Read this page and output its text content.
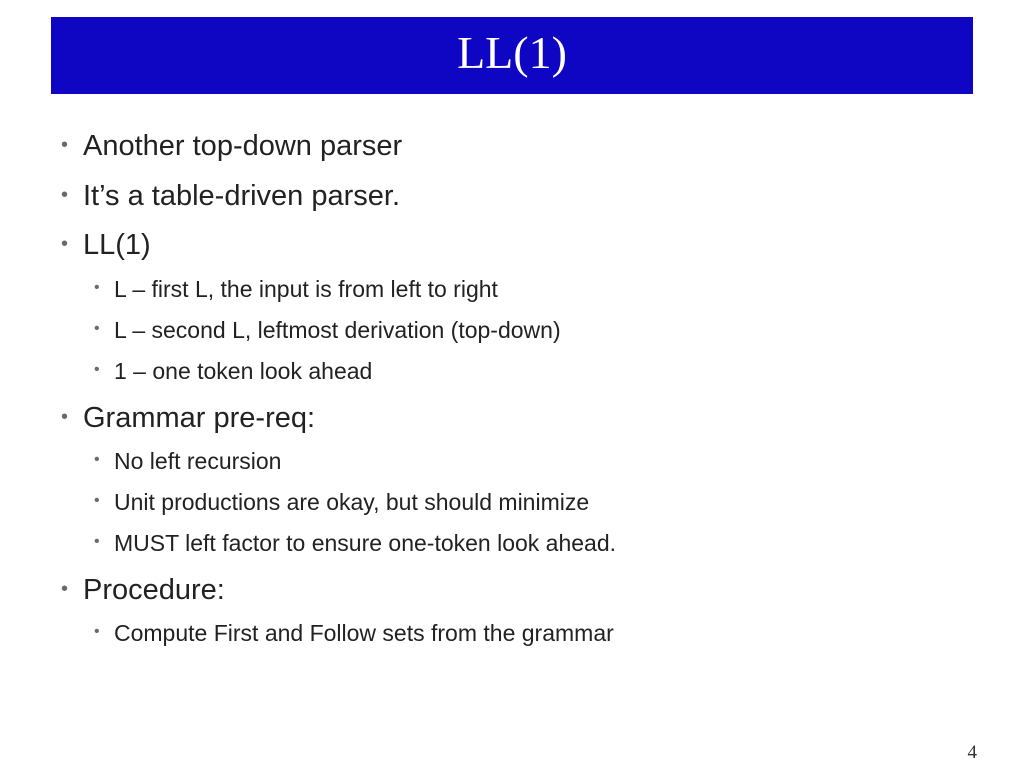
LL(1)
• Another top-down parser
• It’s a table-driven parser.
• LL(1)
• L – first L, the input is from left to right
• L – second L, leftmost derivation (top-down)
• 1 – one token look ahead
• Grammar pre-req:
• No left recursion
• Unit productions are okay, but should minimize
• MUST left factor to ensure one-token look ahead.
• Procedure:
• Compute First and Follow sets from the grammar
4
